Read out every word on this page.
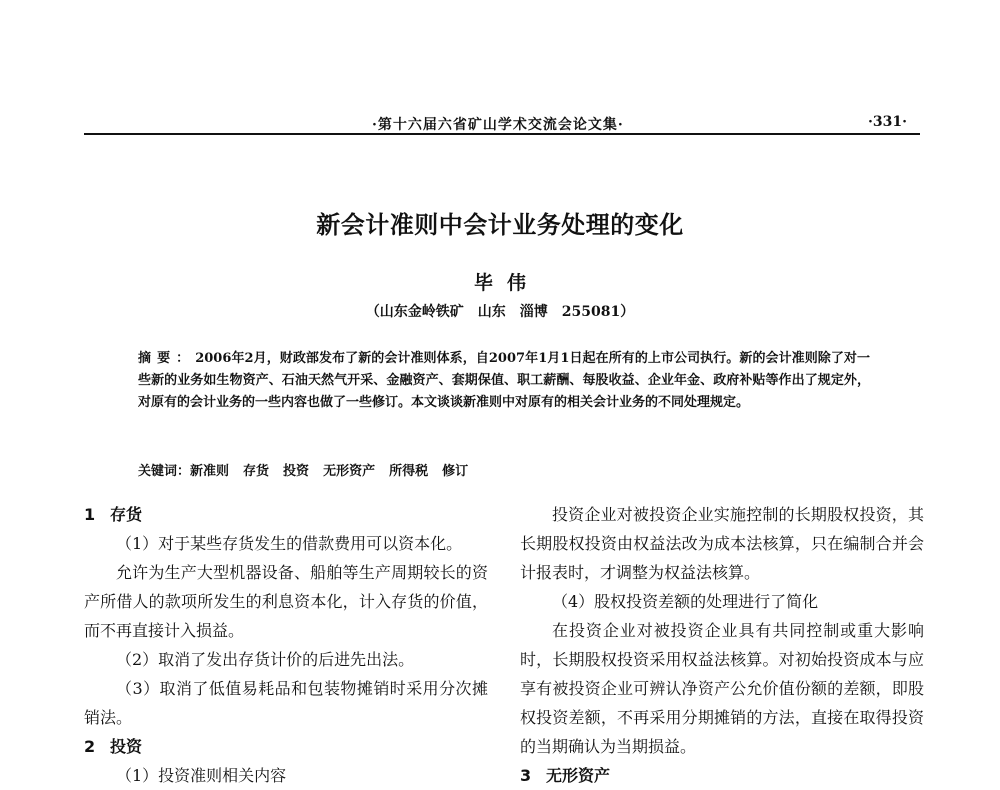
·第十六届六省矿山学术交流会论文集·	·331·
新会计准则中会计业务处理的变化
毕伟
（山东金岭铁矿　山东　淄博　255081）
摘要：2006年2月，财政部发布了新的会计准则体系，自2007年1月1日起在所有的上市公司执行。新的会计准则除了对一些新的业务如生物资产、石油天然气开采、金融资产、套期保值、职工薪酬、每股收益、企业年金、政府补贴等作出了规定外，对原有的会计业务的一些内容也做了一些修订。本文谈谈新准则中对原有的相关会计业务的不同处理规定。
关键词：新准则 存货 投资 无形资产 所得税 修订
1 存货

（1）对于某些存货发生的借款费用可以资本化。

允许为生产大型机器设备、船舶等生产周期较长的资产所借人的款项所发生的利息资本化，计入存货的价值，而不再直接计入损益。

（2）取消了发出存货计价的后进先出法。

（3）取消了低值易耗品和包装物摊销时采用分次摊销法。

2 投资

（1）投资准则相关内容

投资企业对被投资企业实施控制的长期股权投资，其长期股权投资由权益法改为成本法核算，只在编制合并会计报表时，才调整为权益法核算。

（4）股权投资差额的处理进行了简化

在投资企业对被投资企业具有共同控制或重大影响时，长期股权投资采用权益法核算。对初始投资成本与应享有被投资企业可辨认净资产公允价值份额的差额，即股权投资差额，不再采用分期摊销的方法，直接在取得投资的当期确认为当期损益。

3 无形资产
